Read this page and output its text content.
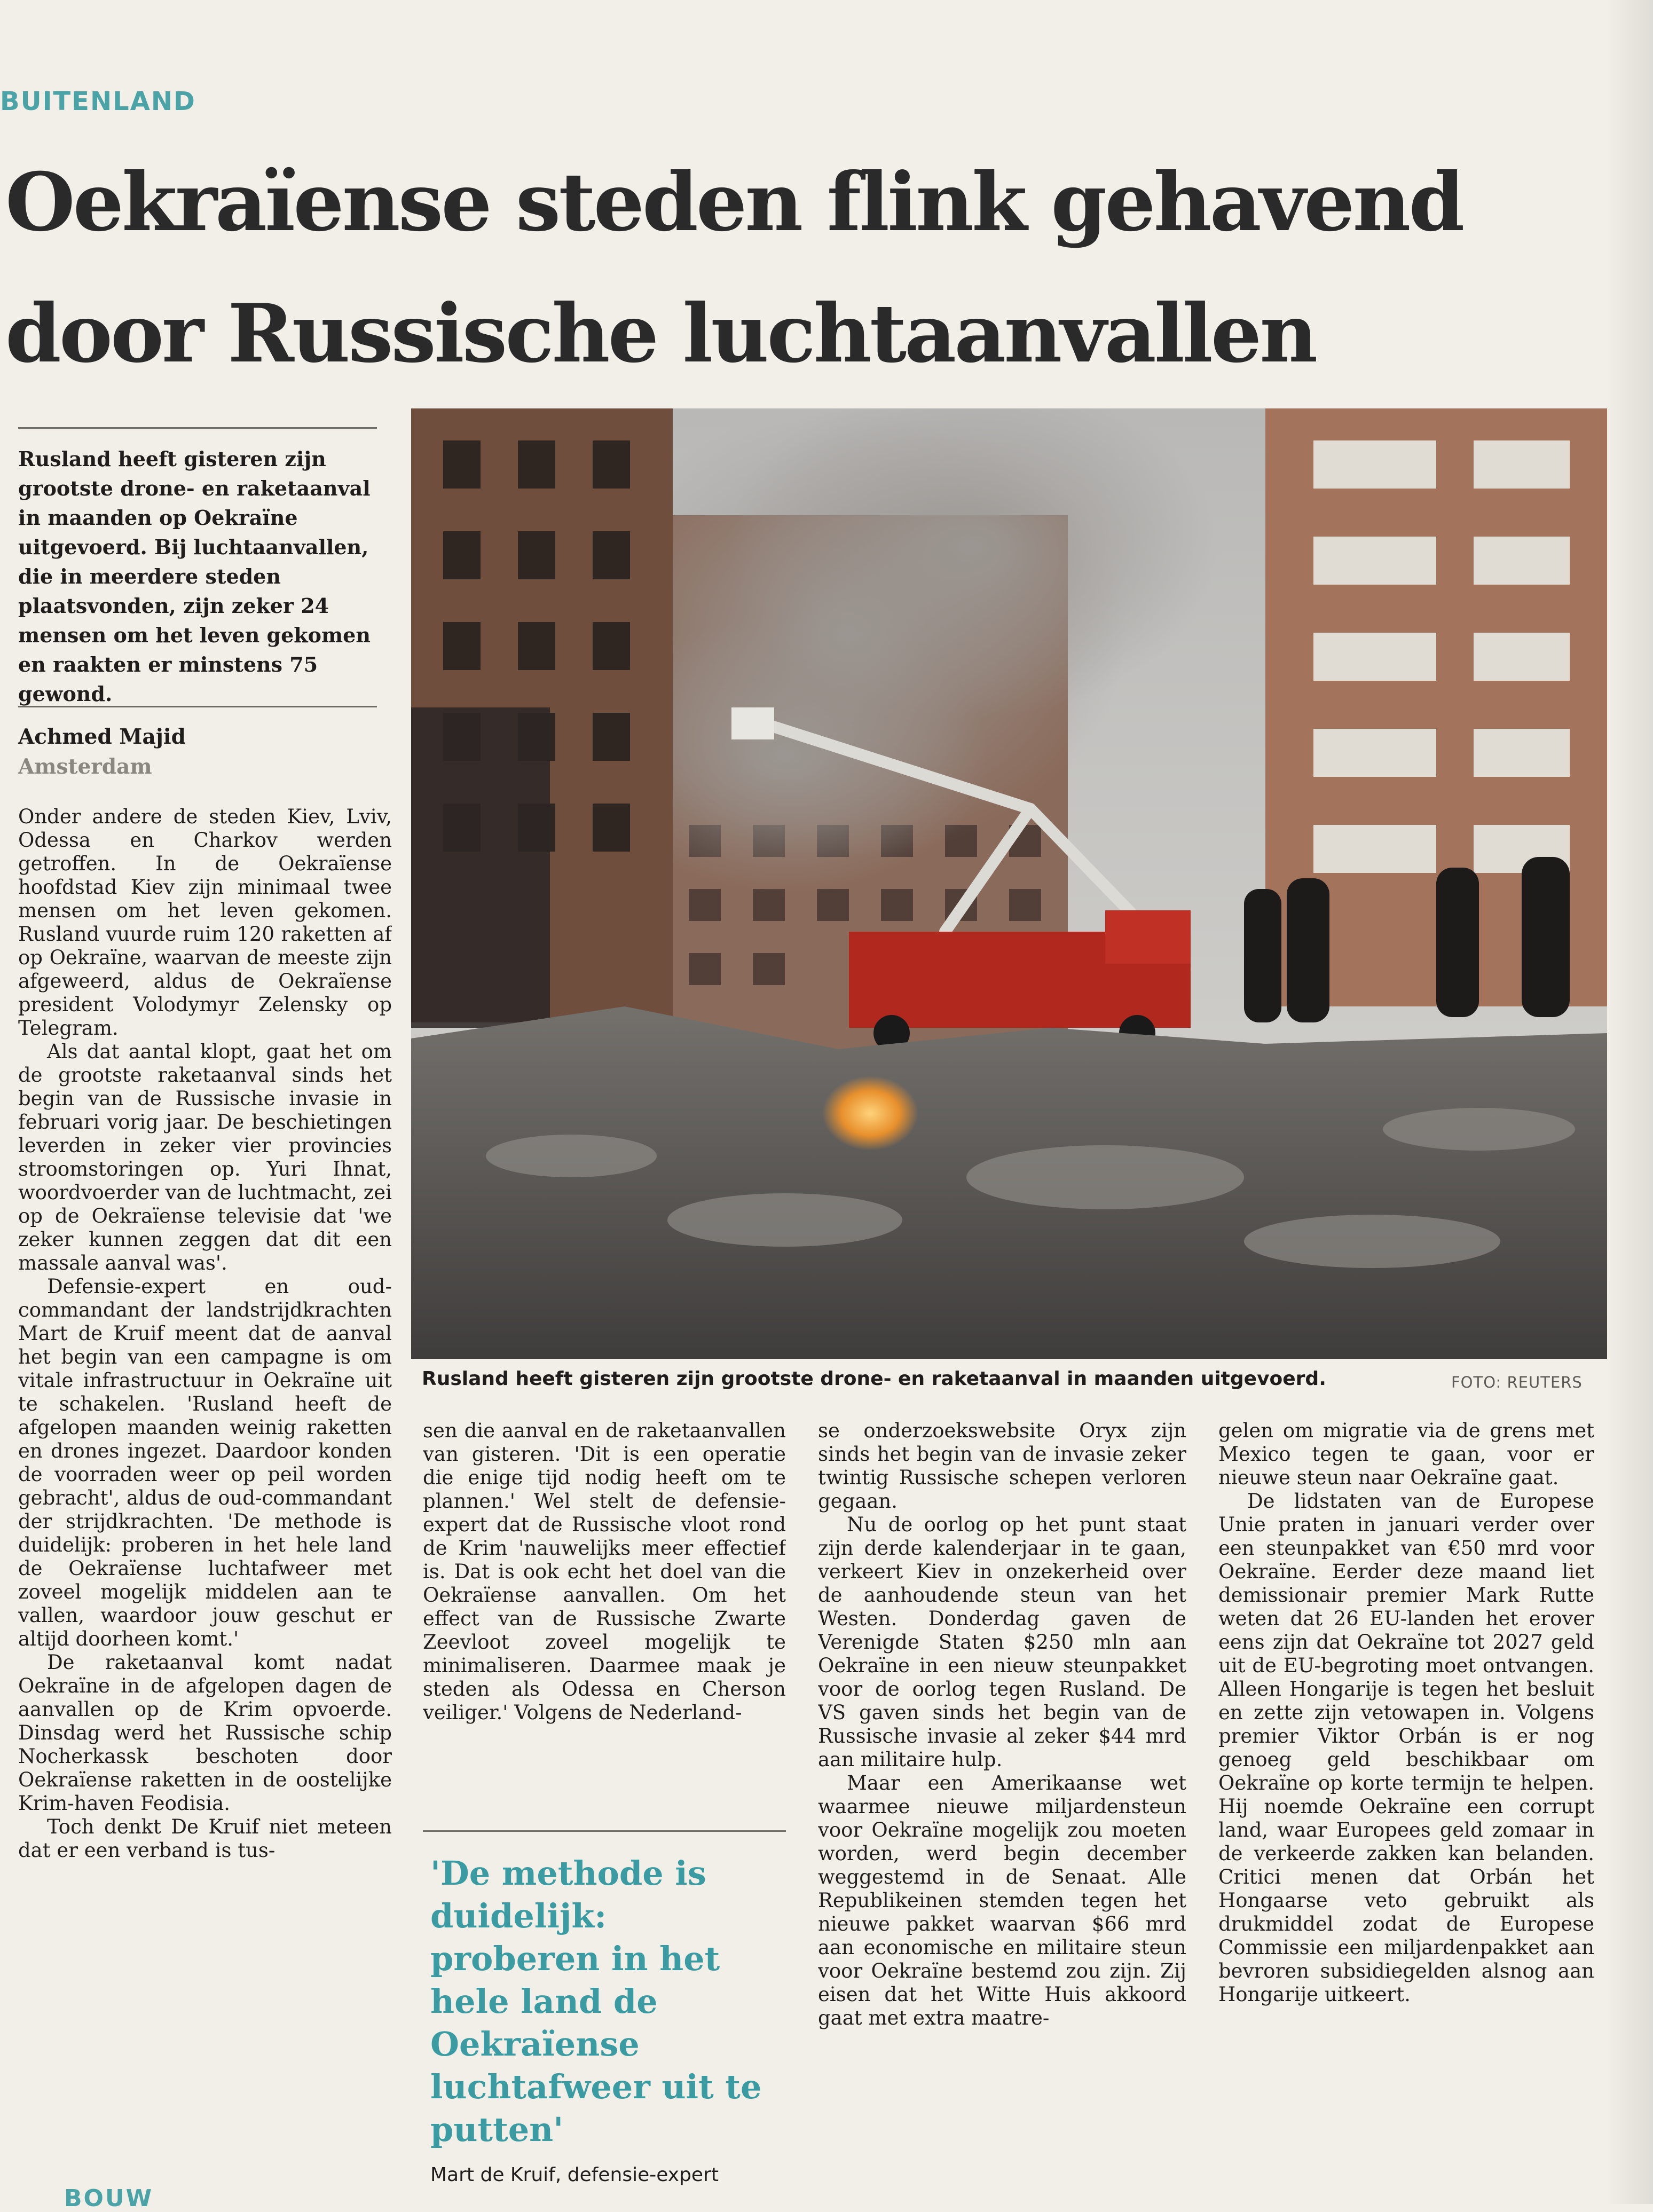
BUITENLAND
Oekraïense steden flink gehavend
door Russische luchtaanvallen
Rusland heeft gisteren zijn grootste drone- en raketaanval in maanden op Oekraïne uitgevoerd. Bij luchtaanvallen, die in meerdere steden plaatsvonden, zijn zeker 24 mensen om het leven gekomen en raakten er minstens 75 gewond.
Achmed Majid
Amsterdam

Onder andere de steden Kiev, Lviv, Odessa en Charkov werden getroffen. In de Oekraïense hoofdstad Kiev zijn minimaal twee mensen om het leven gekomen. Rusland vuurde ruim 120 raketten af op Oekraïne, waarvan de meeste zijn afgeweerd, aldus de Oekraïense president Volodymyr Zelensky op Telegram.

Als dat aantal klopt, gaat het om de grootste raketaanval sinds het begin van de Russische invasie in februari vorig jaar. De beschietingen leverden in zeker vier provincies stroomstoringen op. Yuri Ihnat, woordvoerder van de luchtmacht, zei op de Oekraïense televisie dat 'we zeker kunnen zeggen dat dit een massale aanval was'.

Defensie-expert en oud-commandant der landstrijdkrachten Mart de Kruif meent dat de aanval het begin van een campagne is om vitale infrastructuur in Oekraïne uit te schakelen. 'Rusland heeft de afgelopen maanden weinig raketten en drones ingezet. Daardoor konden de voorraden weer op peil worden gebracht', aldus de oud-commandant der strijdkrachten. 'De methode is duidelijk: proberen in het hele land de Oekraïense luchtafweer met zoveel mogelijk middelen aan te vallen, waardoor jouw geschut er altijd doorheen komt.'

De raketaanval komt nadat Oekraïne in de afgelopen dagen de aanvallen op de Krim opvoerde. Dinsdag werd het Russische schip Nocherkassk beschoten door Oekraïense raketten in de oostelijke Krim-haven Feodisia.

Toch denkt De Kruif niet meteen dat er een verband is tus-

Rusland heeft gisteren zijn grootste drone- en raketaanval in maanden uitgevoerd.	FOTO: REUTERS

sen die aanval en de raketaanvallen van gisteren. 'Dit is een operatie die enige tijd nodig heeft om te plannen.' Wel stelt de defensie-expert dat de Russische vloot rond de Krim 'nauwelijks meer effectief is. Dat is ook echt het doel van die Oekraïense aanvallen. Om het effect van de Russische Zwarte Zeevloot zoveel mogelijk te minimaliseren. Daarmee maak je steden als Odessa en Cherson veiliger.' Volgens de Nederland-

'De methode is duidelijk: proberen in het hele land de Oekraïense luchtafweer uit te putten'
Mart de Kruif, defensie-expert

se onderzoekswebsite Oryx zijn sinds het begin van de invasie zeker twintig Russische schepen verloren gegaan.

Nu de oorlog op het punt staat zijn derde kalenderjaar in te gaan, verkeert Kiev in onzekerheid over de aanhoudende steun van het Westen. Donderdag gaven de Verenigde Staten $250 mln aan Oekraïne in een nieuw steunpakket voor de oorlog tegen Rusland. De VS gaven sinds het begin van de Russische invasie al zeker $44 mrd aan militaire hulp.

Maar een Amerikaanse wet waarmee nieuwe miljardensteun voor Oekraïne mogelijk zou moeten worden, werd begin december weggestemd in de Senaat. Alle Republikeinen stemden tegen het nieuwe pakket waarvan $66 mrd aan economische en militaire steun voor Oekraïne bestemd zou zijn. Zij eisen dat het Witte Huis akkoord gaat met extra maatre-

gelen om migratie via de grens met Mexico tegen te gaan, voor er nieuwe steun naar Oekraïne gaat.

De lidstaten van de Europese Unie praten in januari verder over een steunpakket van €50 mrd voor Oekraïne. Eerder deze maand liet demissionair premier Mark Rutte weten dat 26 EU-landen het erover eens zijn dat Oekraïne tot 2027 geld uit de EU-begroting moet ontvangen. Alleen Hongarije is tegen het besluit en zette zijn vetowapen in. Volgens premier Viktor Orbán is er nog genoeg geld beschikbaar om Oekraïne op korte termijn te helpen. Hij noemde Oekraïne een corrupt land, waar Europees geld zomaar in de verkeerde zakken kan belanden. Critici menen dat Orbán het Hongaarse veto gebruikt als drukmiddel zodat de Europese Commissie een miljardenpakket aan bevroren subsidiegelden alsnog aan Hongarije uitkeert.

BOUW
